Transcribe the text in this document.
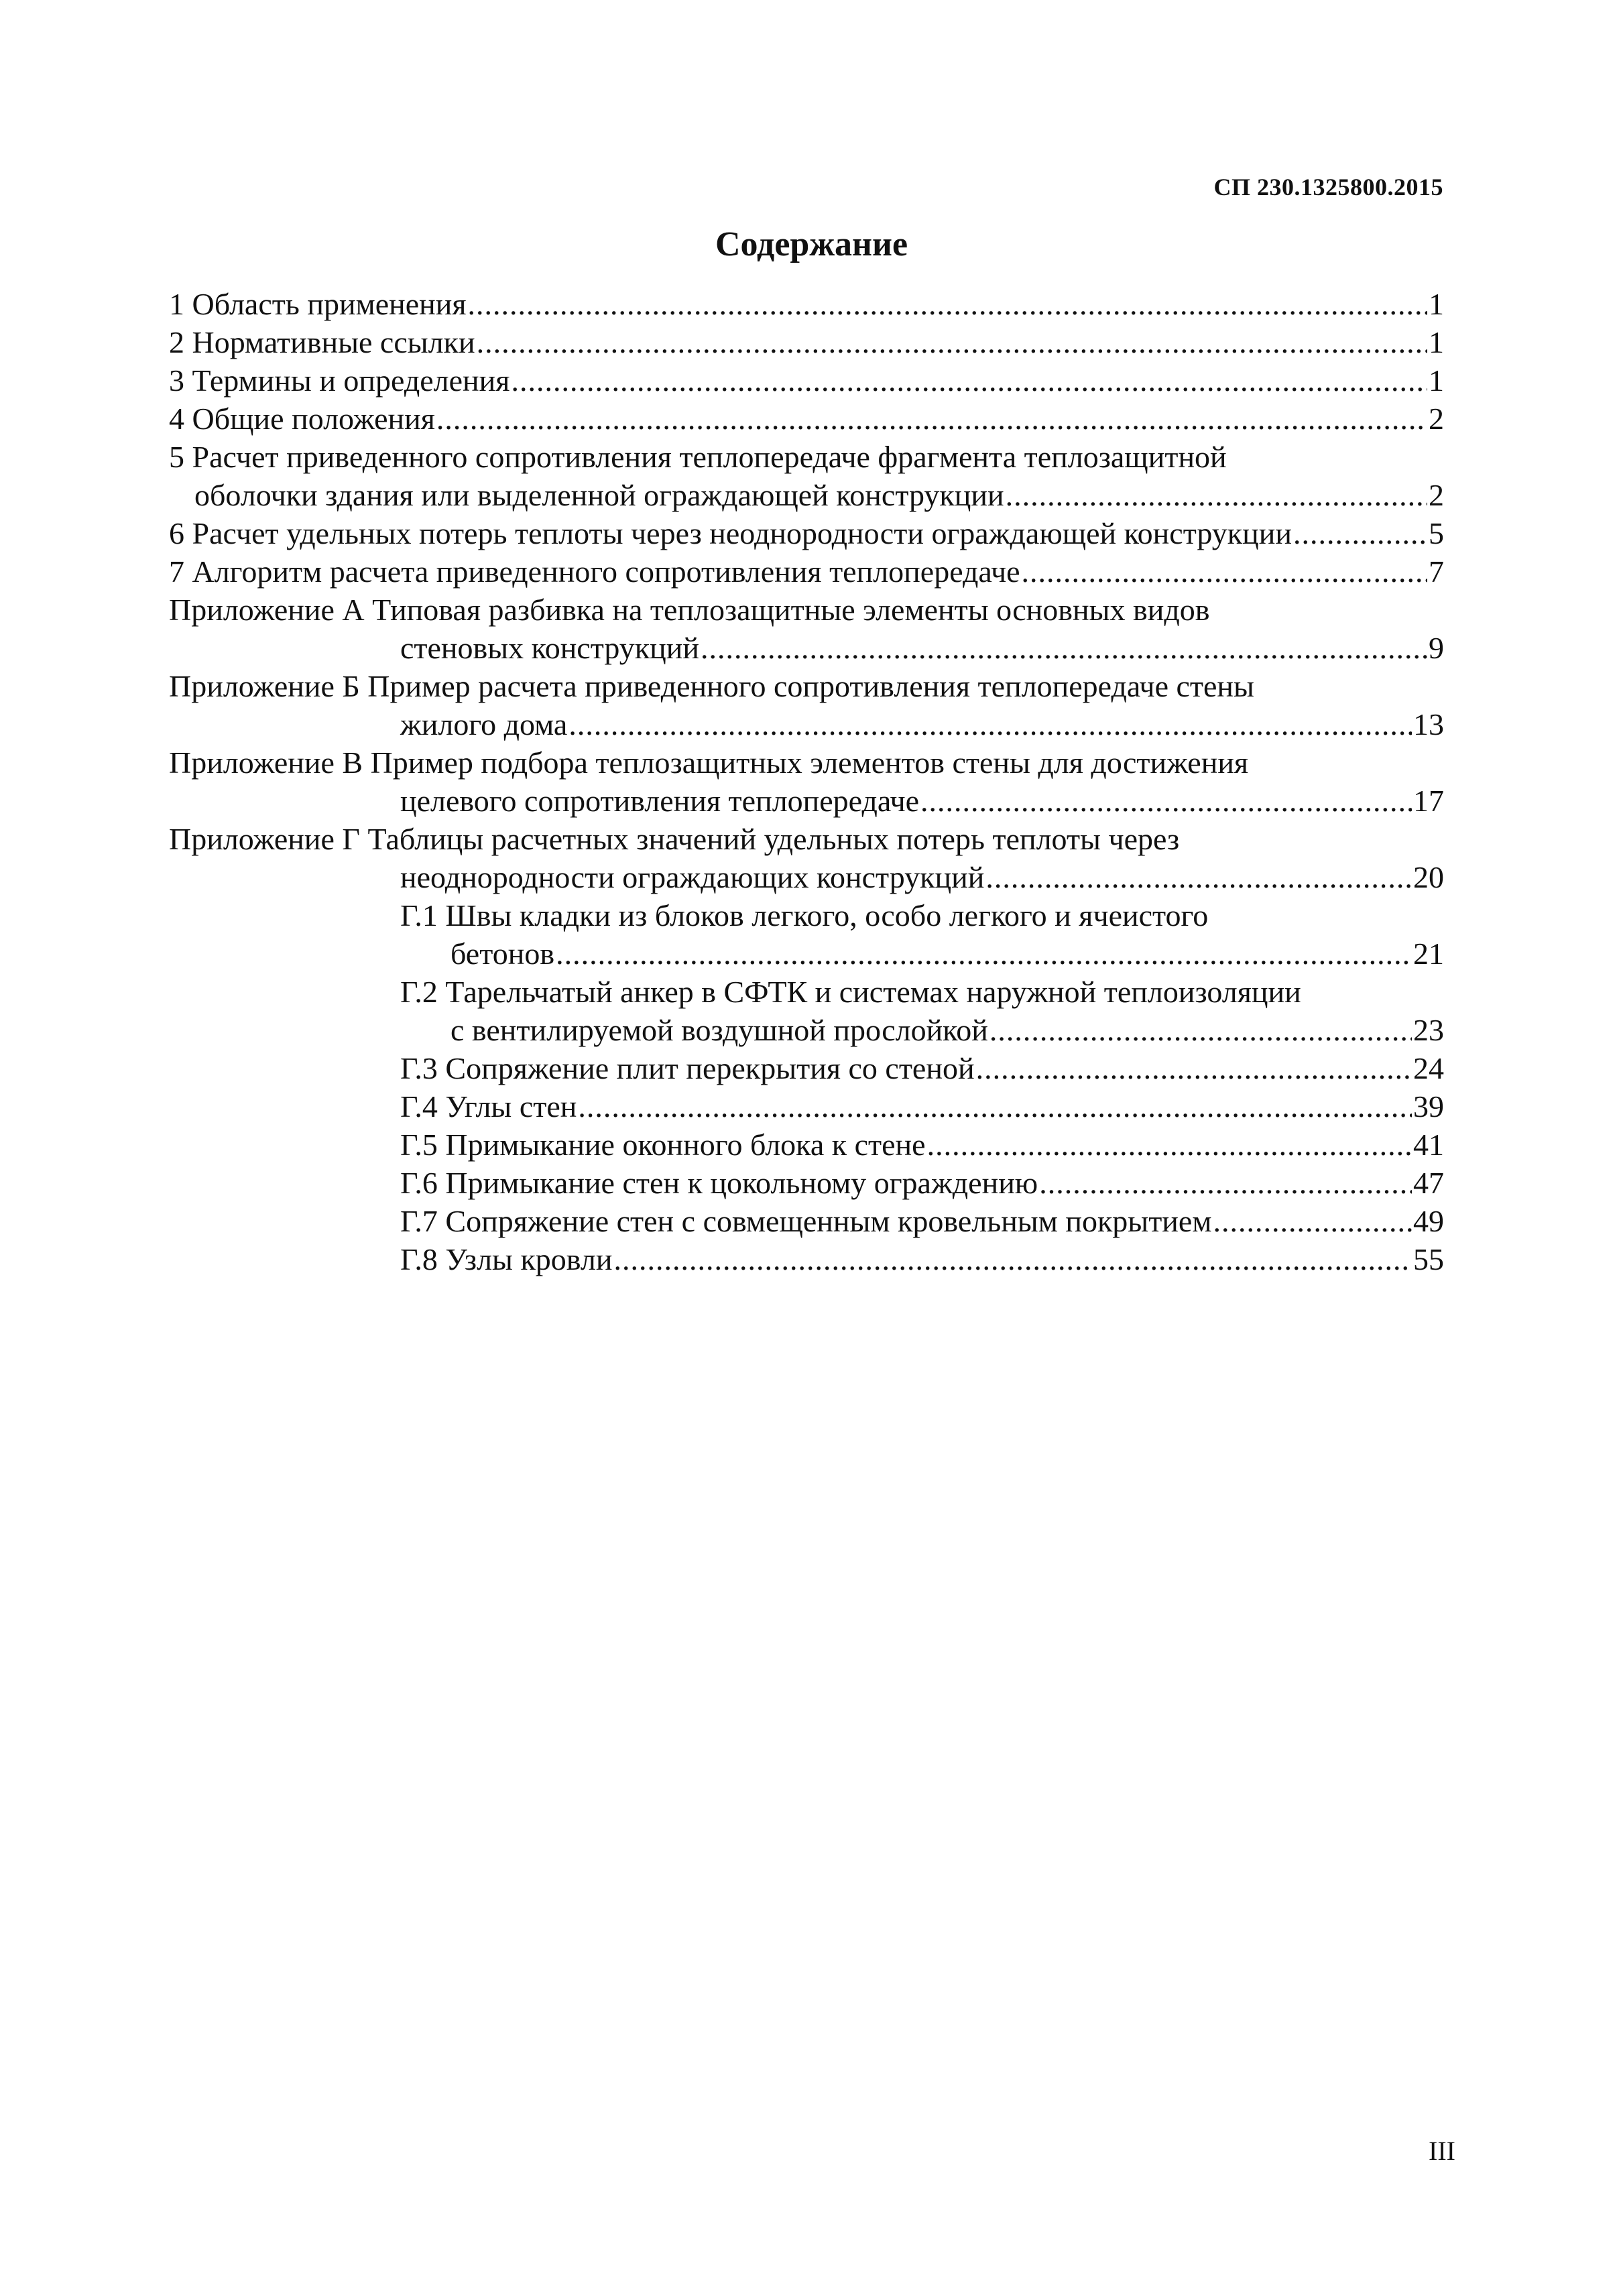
СП 230.1325800.2015
Содержание
1 Область применения .....	1
2 Нормативные ссылки .....	1
3 Термины и определения .....	1
4 Общие положения .....	2
5 Расчет приведенного сопротивления теплопередаче фрагмента теплозащитной
оболочки здания или выделенной ограждающей конструкции .....	2
6 Расчет удельных потерь теплоты через неоднородности ограждающей конструкции .....	5
7 Алгоритм расчета приведенного сопротивления теплопередаче .....	7
Приложение А Типовая разбивка на теплозащитные элементы основных видов
стеновых конструкций .....	9
Приложение Б Пример расчета приведенного сопротивления теплопередаче стены
жилого дома .....	13
Приложение В Пример подбора теплозащитных элементов стены для достижения
целевого сопротивления теплопередаче .....	17
Приложение Г Таблицы расчетных значений удельных потерь теплоты через
неоднородности ограждающих конструкций .....	20
Г.1 Швы кладки из блоков легкого, особо легкого и ячеистого
бетонов .....	21
Г.2 Тарельчатый анкер в СФТК и системах наружной теплоизоляции
с вентилируемой воздушной прослойкой .....	23
Г.3 Сопряжение плит перекрытия со стеной .....	24
Г.4 Углы стен .....	39
Г.5 Примыкание оконного блока к стене .....	41
Г.6 Примыкание стен к цокольному ограждению .....	47
Г.7 Сопряжение стен с совмещенным кровельным покрытием .....	49
Г.8 Узлы кровли .....	55
III
